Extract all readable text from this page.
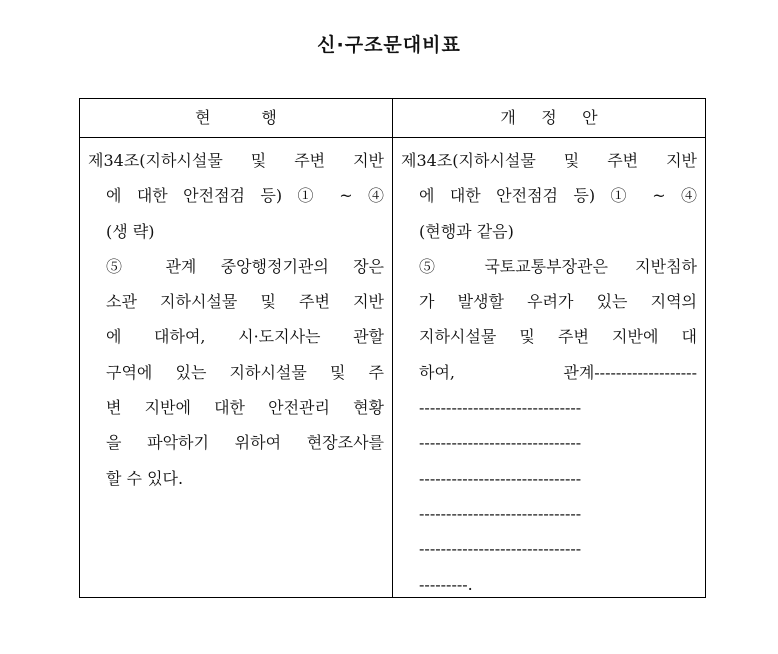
신·구조문대비표
현          행	개     정     안
제34조(지하시설물 및 주변 지반
에 대한 안전점검 등) ① ~ ④
(생 략)
⑤ 관계 중앙행정기관의 장은
소관 지하시설물 및 주변 지반
에 대하여, 시·도지사는 관할
구역에 있는 지하시설물 및 주
변 지반에 대한 안전관리 현황
을 파악하기 위하여 현장조사를
할 수 있다.
제34조(지하시설물 및 주변 지반
에 대한 안전점검 등) ① ~ ④
(현행과 같음)
⑤ 국토교통부장관은 지반침하
가 발생할 우려가 있는 지역의
지하시설물 및 주변 지반에 대
하여, 관계-------------------
------------------------------
------------------------------
------------------------------
------------------------------
------------------------------
---------.
